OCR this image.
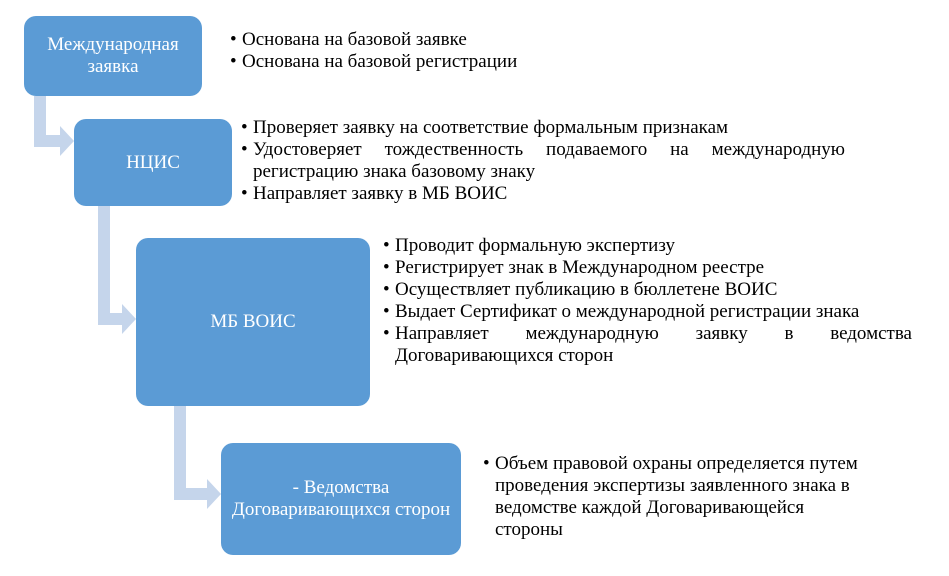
Международная заявка
НЦИС
МБ ВОИС
- Ведомства Договаривающихся сторон
• Основана на базовой заявке
• Основана на базовой регистрации
• Проверяет заявку на соответствие формальным признакам
• Удостоверяет тождественность подаваемого на международную регистрацию знака базовому знаку
• Направляет заявку в МБ ВОИС
• Проводит формальную экспертизу
• Регистрирует знак в Международном реестре
• Осуществляет публикацию в бюллетене ВОИС
• Выдает Сертификат о международной регистрации знака
• Направляет международную заявку в ведомства Договаривающихся сторон
• Объем правовой охраны определяется путем проведения экспертизы заявленного знака в ведомстве каждой Договаривающейся стороны
